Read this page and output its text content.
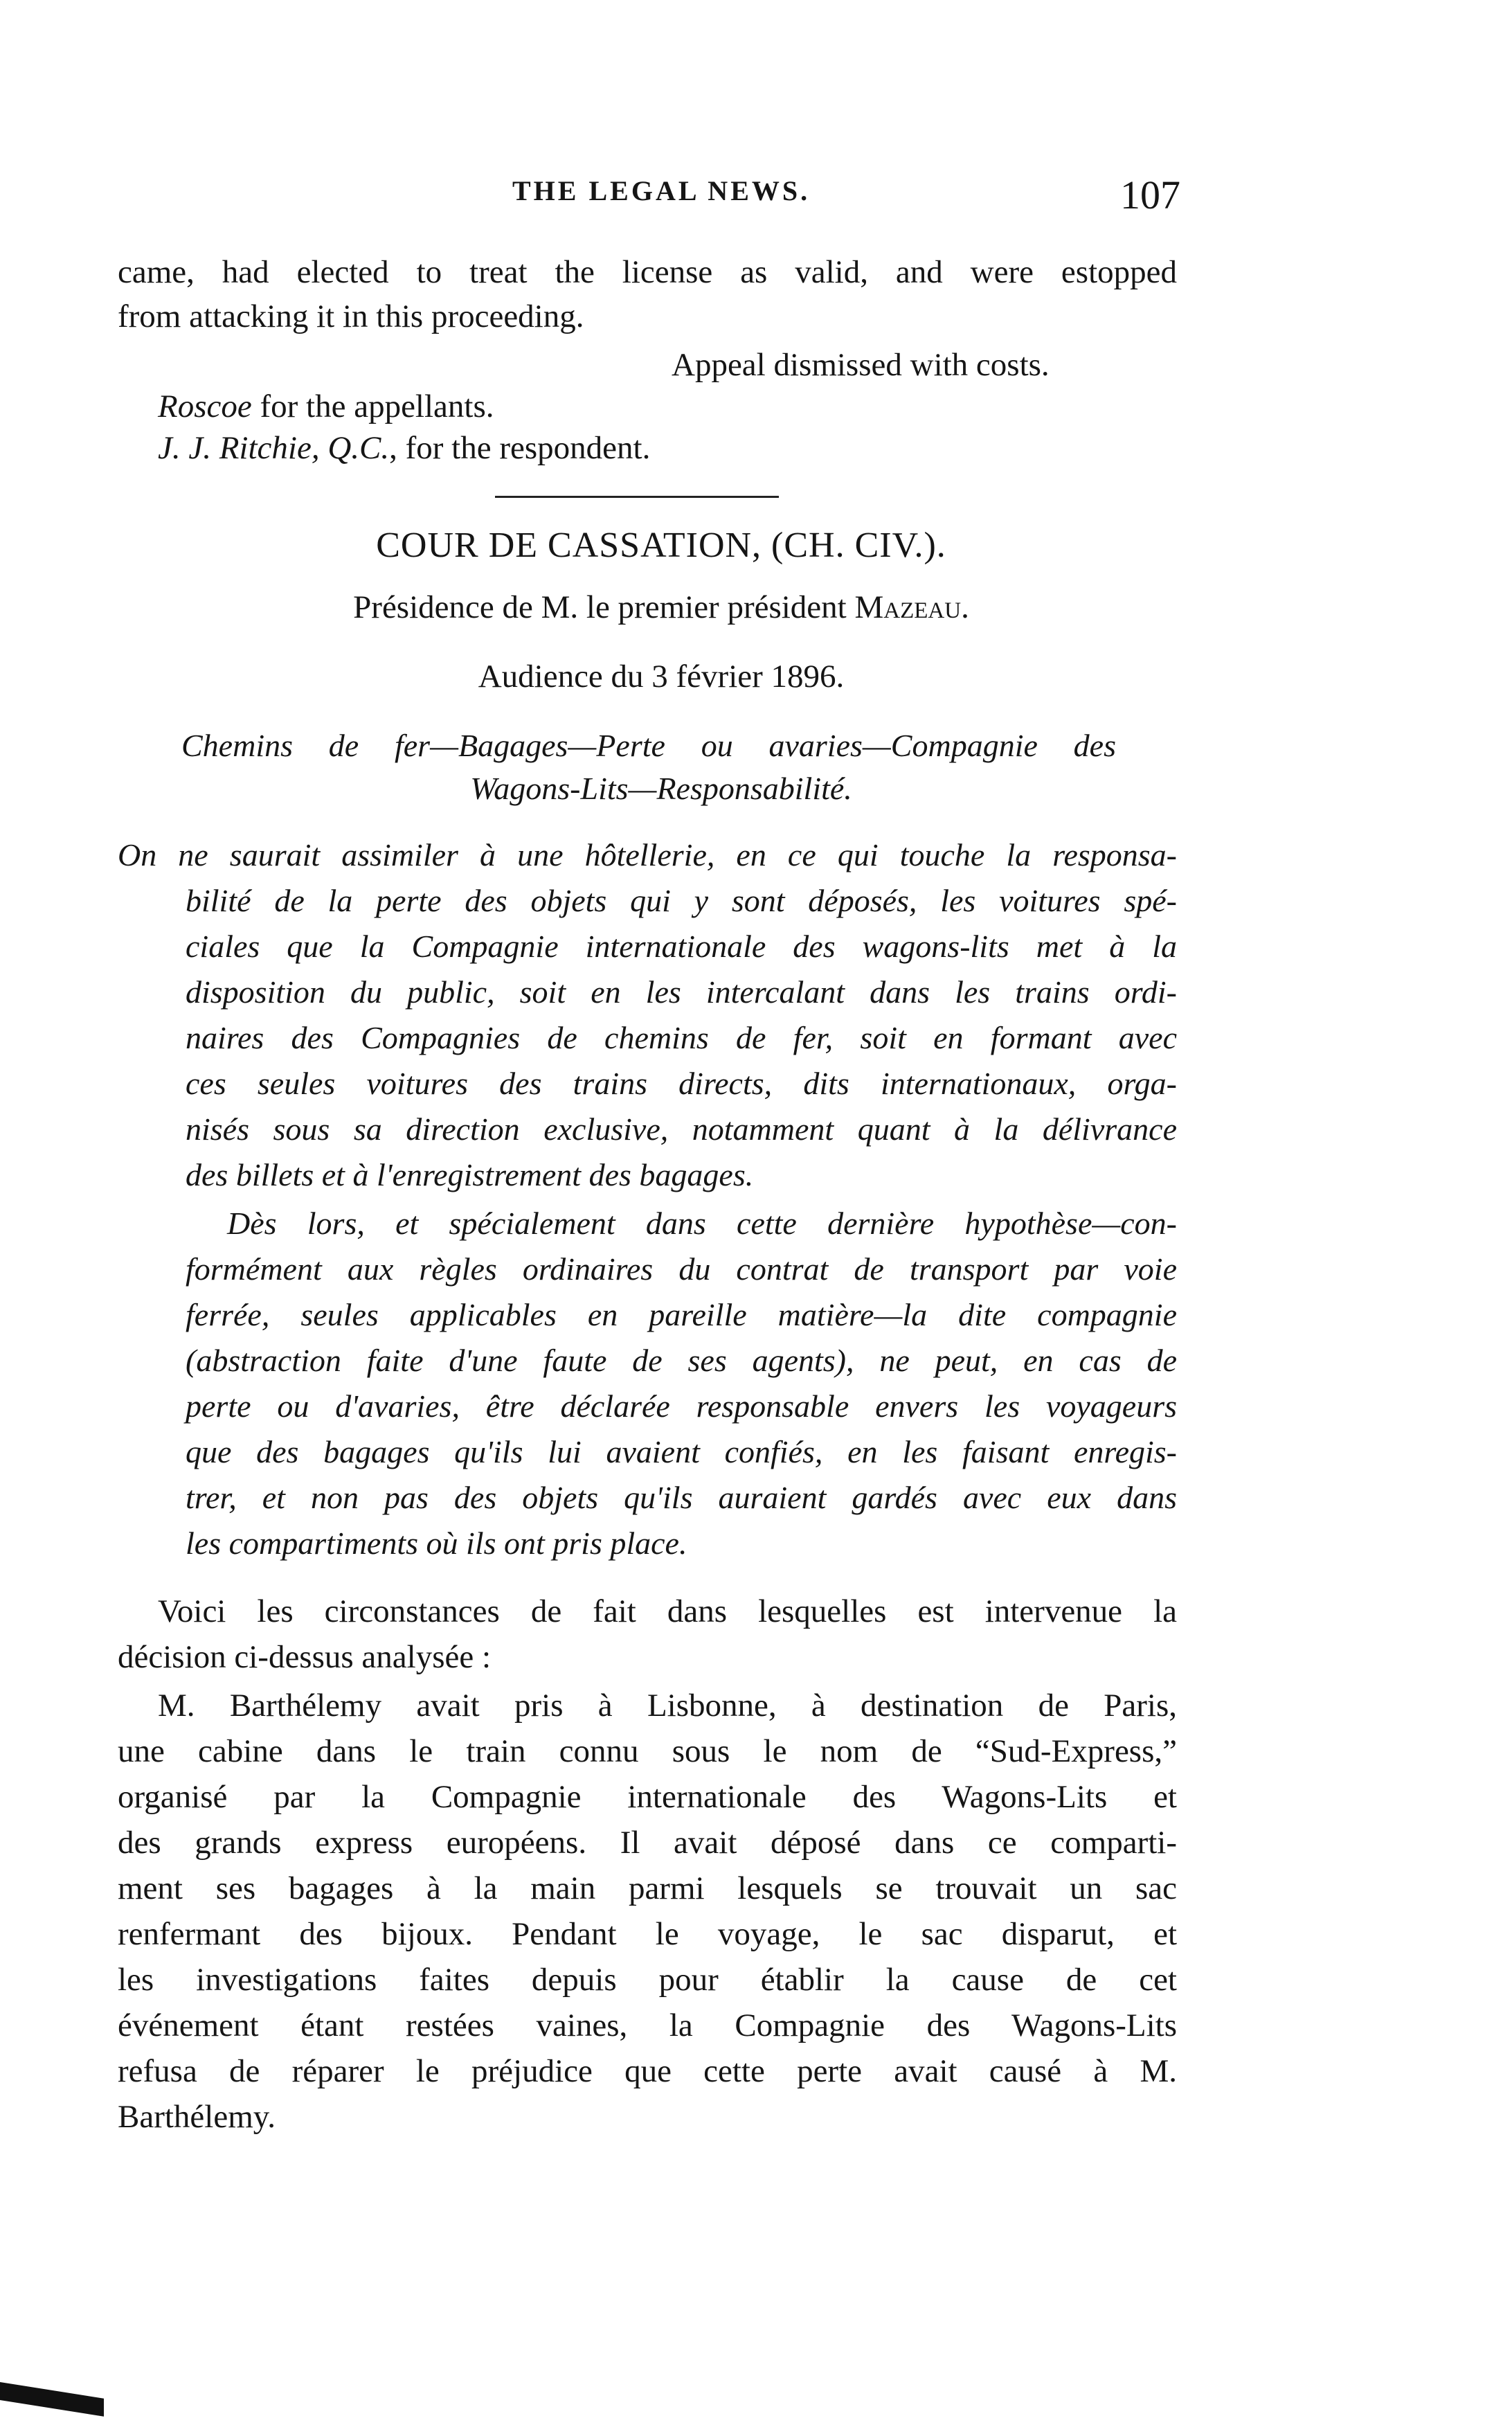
THE LEGAL NEWS.	107
came, had elected to treat the license as valid, and were estopped
from attacking it in this proceeding.
Appeal dismissed with costs.
Roscoe for the appellants.
J. J. Ritchie, Q.C., for the respondent.
COUR DE CASSATION, (CH. CIV.).
Présidence de M. le premier président Mazeau.
Audience du 3 février 1896.
Chemins de fer—Bagages—Perte ou avaries—Compagnie des
Wagons-Lits—Responsabilité.
On ne saurait assimiler à une hôtellerie, en ce qui touche la responsa-
bilité de la perte des objets qui y sont déposés, les voitures spé-
ciales que la Compagnie internationale des wagons-lits met à la
disposition du public, soit en les intercalant dans les trains ordi-
naires des Compagnies de chemins de fer, soit en formant avec
ces seules voitures des trains directs, dits internationaux, orga-
nisés sous sa direction exclusive, notamment quant à la délivrance
des billets et à l'enregistrement des bagages.
Dès lors, et spécialement dans cette dernière hypothèse—con-
formément aux règles ordinaires du contrat de transport par voie
ferrée, seules applicables en pareille matière—la dite compagnie
(abstraction faite d'une faute de ses agents), ne peut, en cas de
perte ou d'avaries, être déclarée responsable envers les voyageurs
que des bagages qu'ils lui avaient confiés, en les faisant enregis-
trer, et non pas des objets qu'ils auraient gardés avec eux dans
les compartiments où ils ont pris place.
Voici les circonstances de fait dans lesquelles est intervenue la
décision ci-dessus analysée :
M. Barthélemy avait pris à Lisbonne, à destination de Paris,
une cabine dans le train connu sous le nom de “Sud-Express,”
organisé par la Compagnie internationale des Wagons-Lits et
des grands express européens. Il avait déposé dans ce comparti-
ment ses bagages à la main parmi lesquels se trouvait un sac
renfermant des bijoux. Pendant le voyage, le sac disparut, et
les investigations faites depuis pour établir la cause de cet
événement étant restées vaines, la Compagnie des Wagons-Lits
refusa de réparer le préjudice que cette perte avait causé à M.
Barthélemy.
